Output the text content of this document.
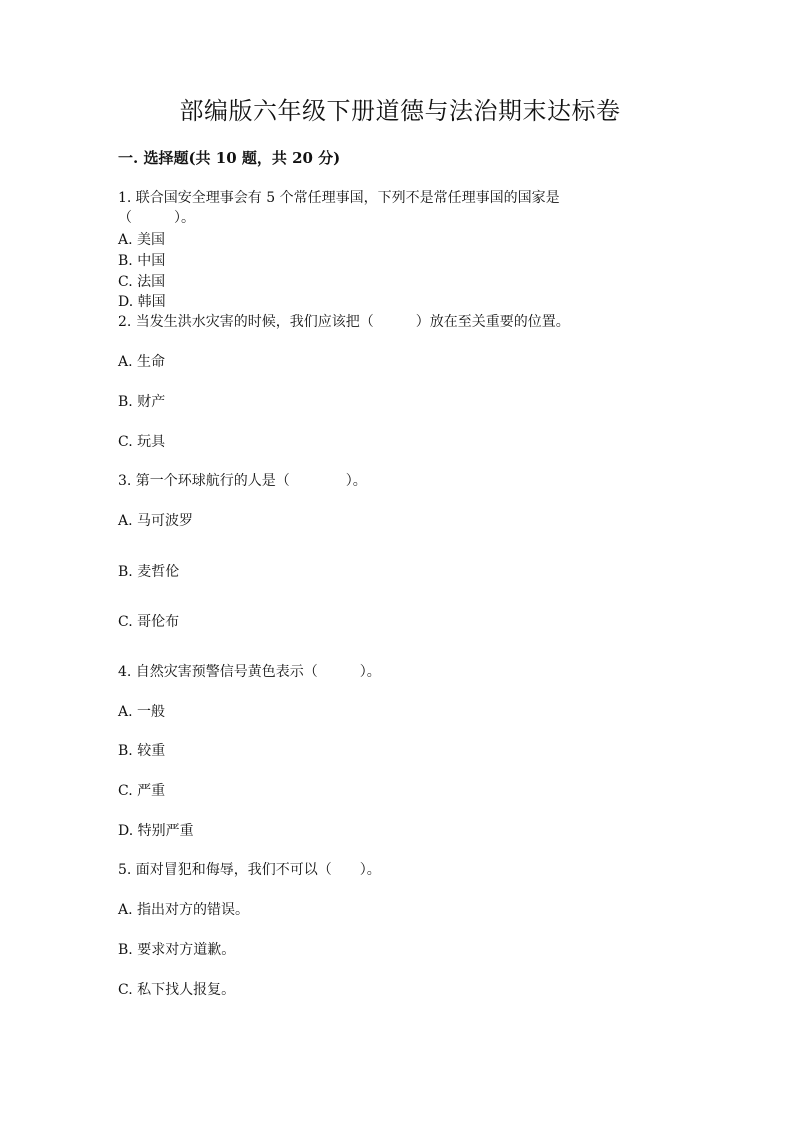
部编版六年级下册道德与法治期末达标卷
一. 选择题(共 10 题，共 20 分)
1. 联合国安全理事会有 5 个常任理事国，下列不是常任理事国的国家是
（　　　）。
A. 美国
B. 中国
C. 法国
D. 韩国
2. 当发生洪水灾害的时候，我们应该把（　　　）放在至关重要的位置。
A. 生命
B. 财产
C. 玩具
3. 第一个环球航行的人是（　　　　）。
A. 马可波罗
B. 麦哲伦
C. 哥伦布
4. 自然灾害预警信号黄色表示（　　　）。
A. 一般
B. 较重
C. 严重
D. 特别严重
5. 面对冒犯和侮辱，我们不可以（　　）。
A. 指出对方的错误。
B. 要求对方道歉。
C. 私下找人报复。
